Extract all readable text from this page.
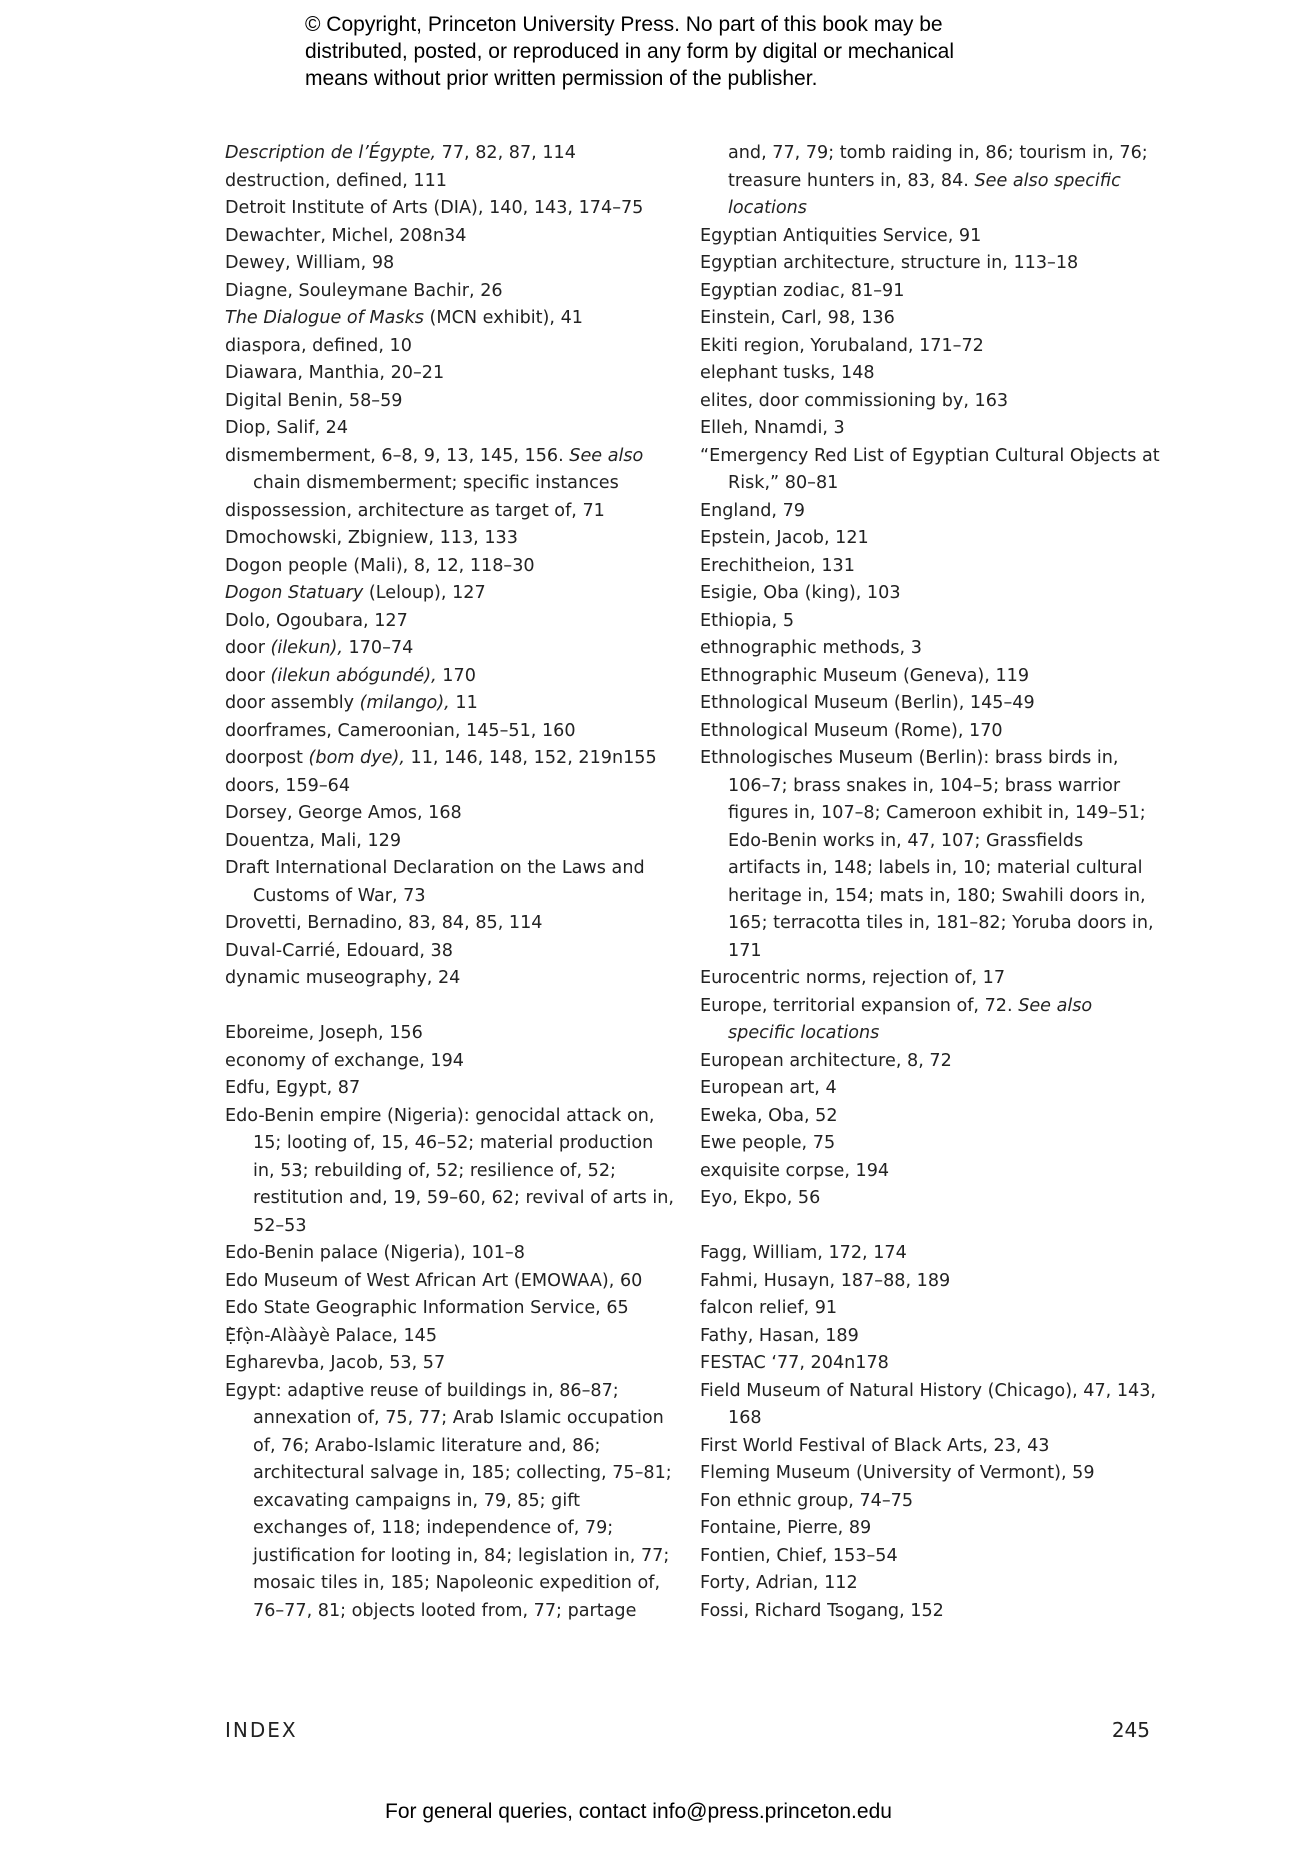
© Copyright, Princeton University Press. No part of this book may be
distributed, posted, or reproduced in any form by digital or mechanical
means without prior written permission of the publisher.
Description de l’Égypte, 77, 82, 87, 114
destruction, defined, 111
Detroit Institute of Arts (DIA), 140, 143, 174–75
Dewachter, Michel, 208n34
Dewey, William, 98
Diagne, Souleymane Bachir, 26
The Dialogue of Masks (MCN exhibit), 41
diaspora, defined, 10
Diawara, Manthia, 20–21
Digital Benin, 58–59
Diop, Salif, 24
dismemberment, 6–8, 9, 13, 145, 156. See also chain dismemberment; specific instances
dispossession, architecture as target of, 71
Dmochowski, Zbigniew, 113, 133
Dogon people (Mali), 8, 12, 118–30
Dogon Statuary (Leloup), 127
Dolo, Ogoubara, 127
door (ilekun), 170–74
door (ilekun abógundé), 170
door assembly (milango), 11
doorframes, Cameroonian, 145–51, 160
doorpost (bom dye), 11, 146, 148, 152, 219n155
doors, 159–64
Dorsey, George Amos, 168
Douentza, Mali, 129
Draft International Declaration on the Laws and Customs of War, 73
Drovetti, Bernadino, 83, 84, 85, 114
Duval-Carrié, Edouard, 38
dynamic museography, 24
Eboreime, Joseph, 156
economy of exchange, 194
Edfu, Egypt, 87
Edo-Benin empire (Nigeria): genocidal attack on, 15; looting of, 15, 46–52; material production in, 53; rebuilding of, 52; resilience of, 52; restitution and, 19, 59–60, 62; revival of arts in, 52–53
Edo-Benin palace (Nigeria), 101–8
Edo Museum of West African Art (EMOWAA), 60
Edo State Geographic Information Service, 65
Ẹ̀fọ̀n-Alààyè Palace, 145
Egharevba, Jacob, 53, 57
Egypt: adaptive reuse of buildings in, 86–87; annexation of, 75, 77; Arab Islamic occupation of, 76; Arabo-Islamic literature and, 86; architectural salvage in, 185; collecting, 75–81; excavating campaigns in, 79, 85; gift exchanges of, 118; independence of, 79; justification for looting in, 84; legislation in, 77; mosaic tiles in, 185; Napoleonic expedition of, 76–77, 81; objects looted from, 77; partage
and, 77, 79; tomb raiding in, 86; tourism in, 76; treasure hunters in, 83, 84. See also specific locations
Egyptian Antiquities Service, 91
Egyptian architecture, structure in, 113–18
Egyptian zodiac, 81–91
Einstein, Carl, 98, 136
Ekiti region, Yorubaland, 171–72
elephant tusks, 148
elites, door commissioning by, 163
Elleh, Nnamdi, 3
“Emergency Red List of Egyptian Cultural Objects at Risk,” 80–81
England, 79
Epstein, Jacob, 121
Erechitheion, 131
Esigie, Oba (king), 103
Ethiopia, 5
ethnographic methods, 3
Ethnographic Museum (Geneva), 119
Ethnological Museum (Berlin), 145–49
Ethnological Museum (Rome), 170
Ethnologisches Museum (Berlin): brass birds in, 106–7; brass snakes in, 104–5; brass warrior figures in, 107–8; Cameroon exhibit in, 149–51; Edo-Benin works in, 47, 107; Grassfields artifacts in, 148; labels in, 10; material cultural heritage in, 154; mats in, 180; Swahili doors in, 165; terracotta tiles in, 181–82; Yoruba doors in, 171
Eurocentric norms, rejection of, 17
Europe, territorial expansion of, 72. See also specific locations
European architecture, 8, 72
European art, 4
Eweka, Oba, 52
Ewe people, 75
exquisite corpse, 194
Eyo, Ekpo, 56
Fagg, William, 172, 174
Fahmi, Husayn, 187–88, 189
falcon relief, 91
Fathy, Hasan, 189
FESTAC ‘77, 204n178
Field Museum of Natural History (Chicago), 47, 143, 168
First World Festival of Black Arts, 23, 43
Fleming Museum (University of Vermont), 59
Fon ethnic group, 74–75
Fontaine, Pierre, 89
Fontien, Chief, 153–54
Forty, Adrian, 112
Fossi, Richard Tsogang, 152
INDEX	245
For general queries, contact info@press.princeton.edu
